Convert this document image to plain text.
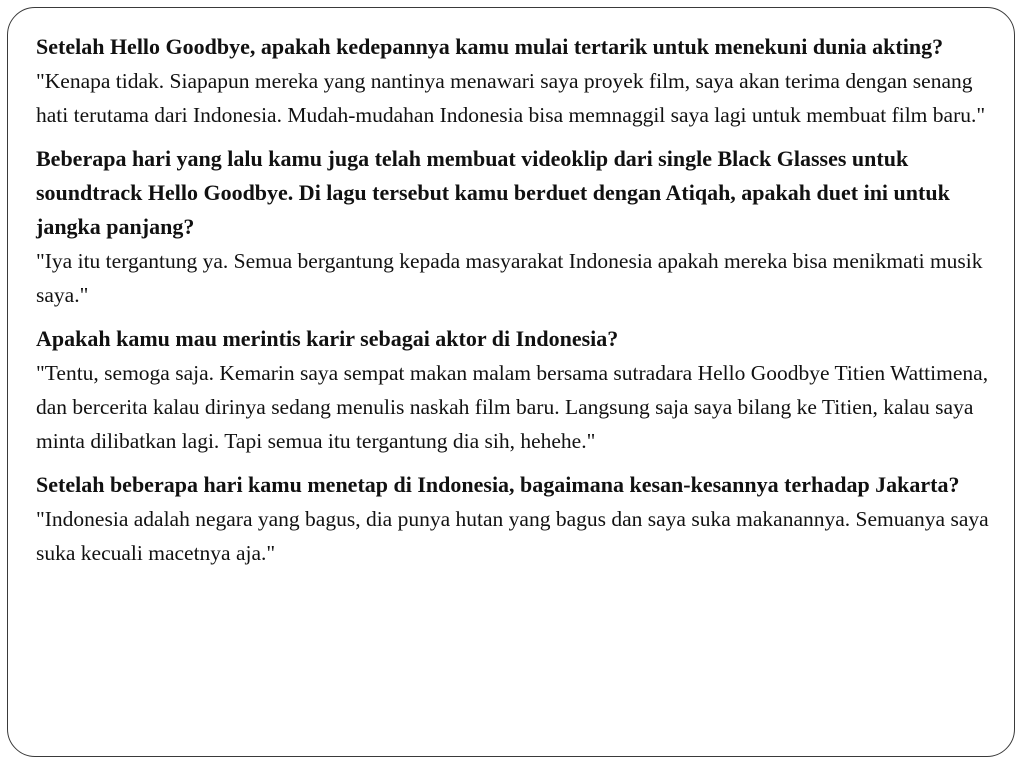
Setelah Hello Goodbye, apakah kedepannya kamu mulai tertarik untuk menekuni dunia akting?

"Kenapa tidak. Siapapun mereka yang nantinya menawari saya proyek film, saya akan terima dengan senang hati terutama dari Indonesia. Mudah-mudahan Indonesia bisa memnaggil saya lagi untuk membuat film baru."

Beberapa hari yang lalu kamu juga telah membuat videoklip dari single Black Glasses untuk soundtrack Hello Goodbye. Di lagu tersebut kamu berduet dengan Atiqah, apakah duet ini untuk jangka panjang?

"Iya itu tergantung ya. Semua bergantung kepada masyarakat Indonesia apakah mereka bisa menikmati musik saya."

Apakah kamu mau merintis karir sebagai aktor di Indonesia?

"Tentu, semoga saja. Kemarin saya sempat makan malam bersama sutradara Hello Goodbye Titien Wattimena, dan bercerita kalau dirinya sedang menulis naskah film baru. Langsung saja saya bilang ke Titien, kalau saya minta dilibatkan lagi. Tapi semua itu tergantung dia sih, hehehe."

Setelah beberapa hari kamu menetap di Indonesia, bagaimana kesan-kesannya terhadap Jakarta?

"Indonesia adalah negara yang bagus, dia punya hutan yang bagus dan saya suka makanannya. Semuanya saya suka kecuali macetnya aja."
